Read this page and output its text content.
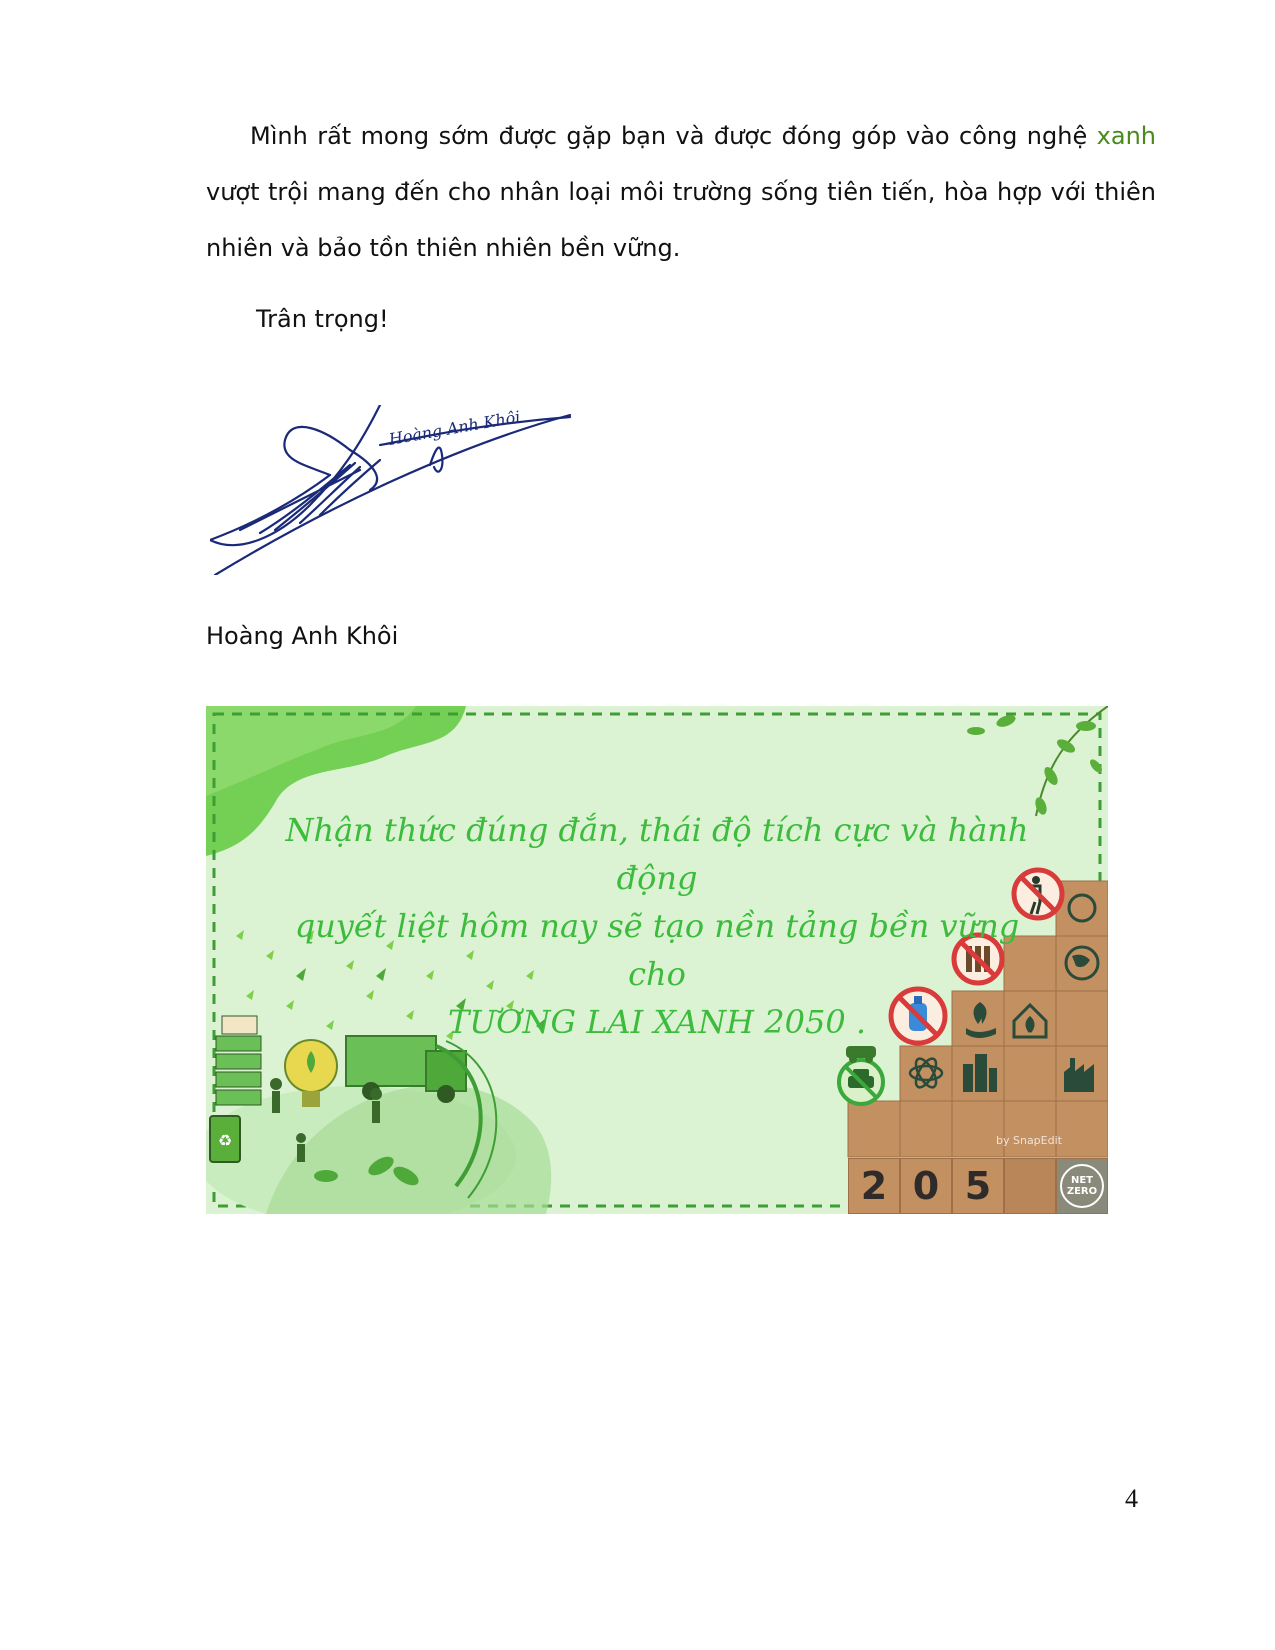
Mình rất mong sớm được gặp bạn và được đóng góp vào công nghệ xanh vượt trội mang đến cho nhân loại môi trường sống tiên tiến, hòa hợp với thiên nhiên và bảo tồn thiên nhiên bền vững.

Trân trọng!

Hoàng Anh Khôi

Hoàng Anh Khôi

♻
Nhận thức đúng đắn, thái độ tích cực và hành động
quyết liệt hôm nay sẽ tạo nền tảng bền vững cho
TƯƠNG LAI XANH 2050 .
2 0 5	NET
ZERO
by SnapEdit

4
